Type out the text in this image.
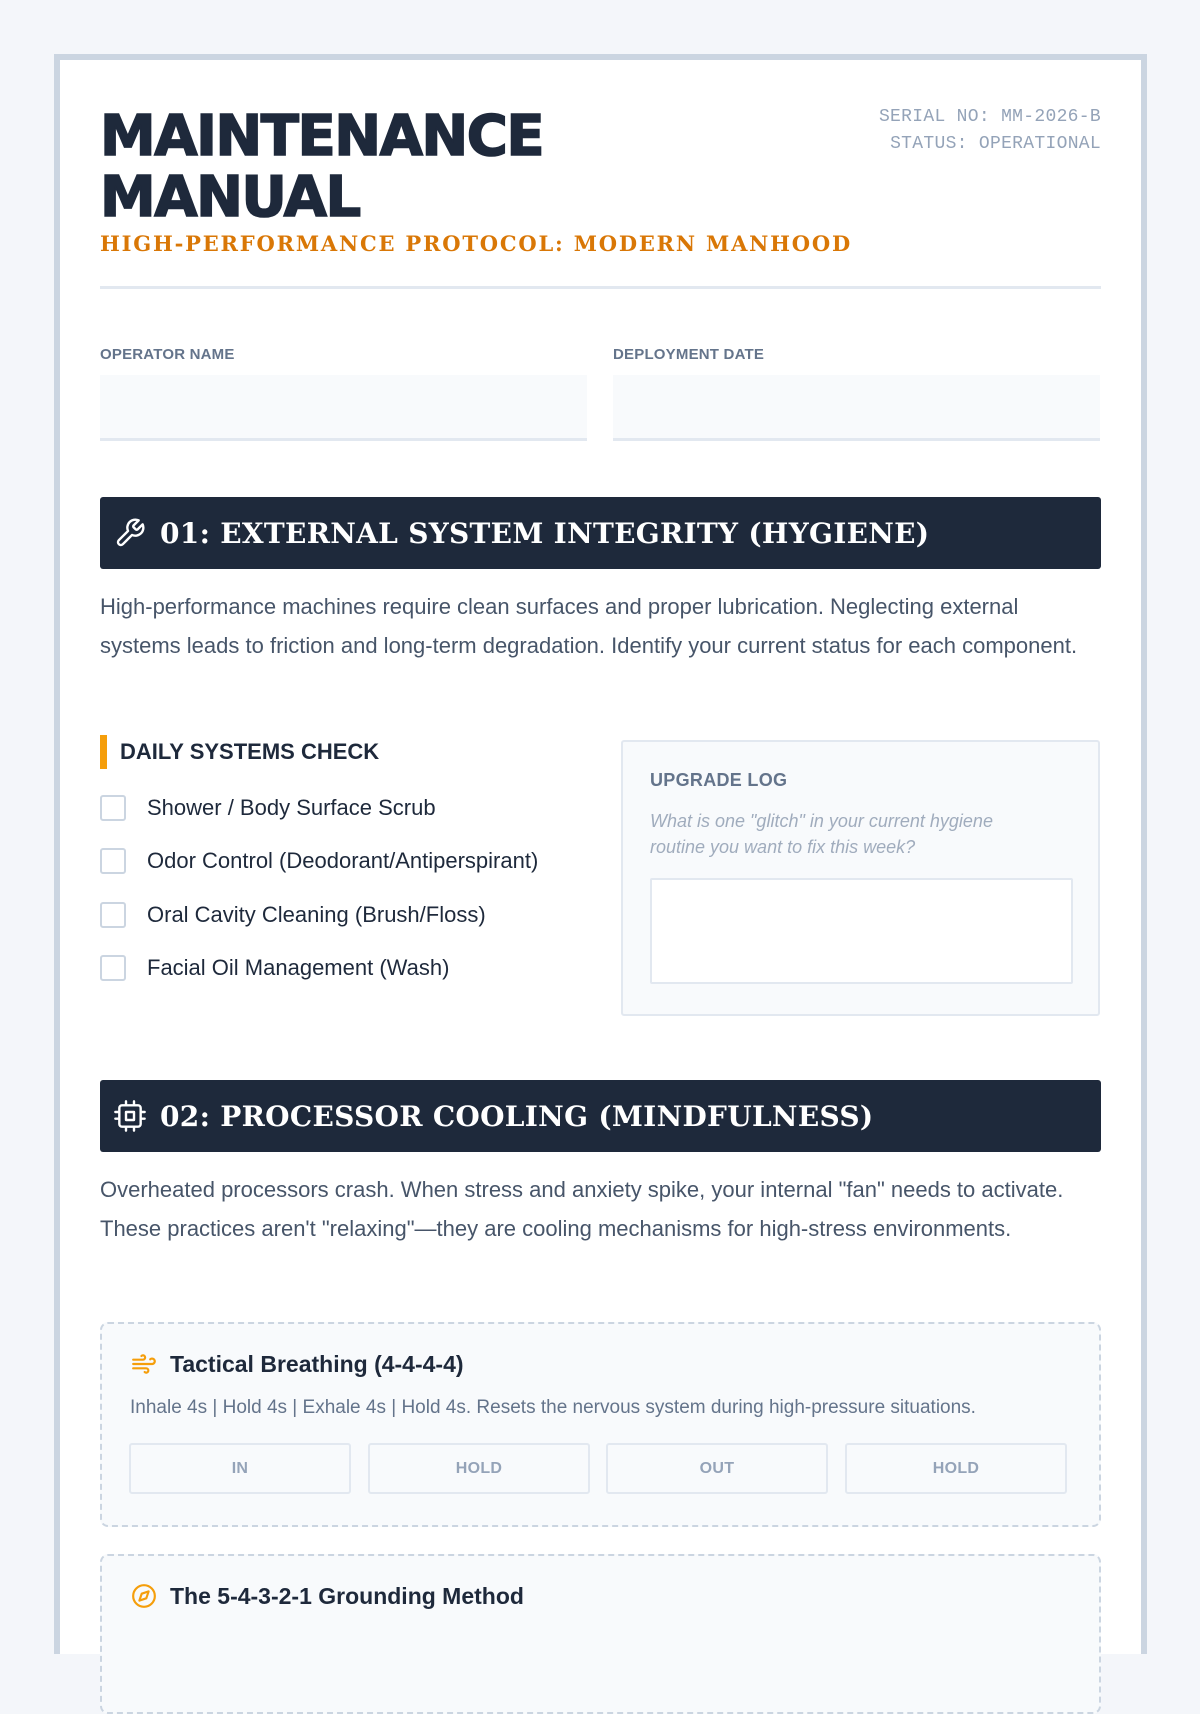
MAINTENANCE MANUAL
HIGH-PERFORMANCE PROTOCOL: MODERN MANHOOD
SERIAL NO: MM-2026-B
STATUS: OPERATIONAL
OPERATOR NAME	DEPLOYMENT DATE
01: EXTERNAL SYSTEM INTEGRITY (HYGIENE)

High-performance machines require clean surfaces and proper lubrication. Neglecting external systems leads to friction and long-term degradation. Identify your current status for each component.

DAILY SYSTEMS CHECK
Shower / Body Surface Scrub
Odor Control (Deodorant/Antiperspirant)
Oral Cavity Cleaning (Brush/Floss)
Facial Oil Management (Wash)
UPGRADE LOG
What is one "glitch" in your current hygiene routine you want to fix this week?
02: PROCESSOR COOLING (MINDFULNESS)

Overheated processors crash. When stress and anxiety spike, your internal "fan" needs to activate. These practices aren't "relaxing"—they are cooling mechanisms for high-stress environments.

Tactical Breathing (4-4-4-4)
Inhale 4s | Hold 4s | Exhale 4s | Hold 4s. Resets the nervous system during high-pressure situations.
IN	HOLD	OUT	HOLD
The 5-4-3-2-1 Grounding Method
